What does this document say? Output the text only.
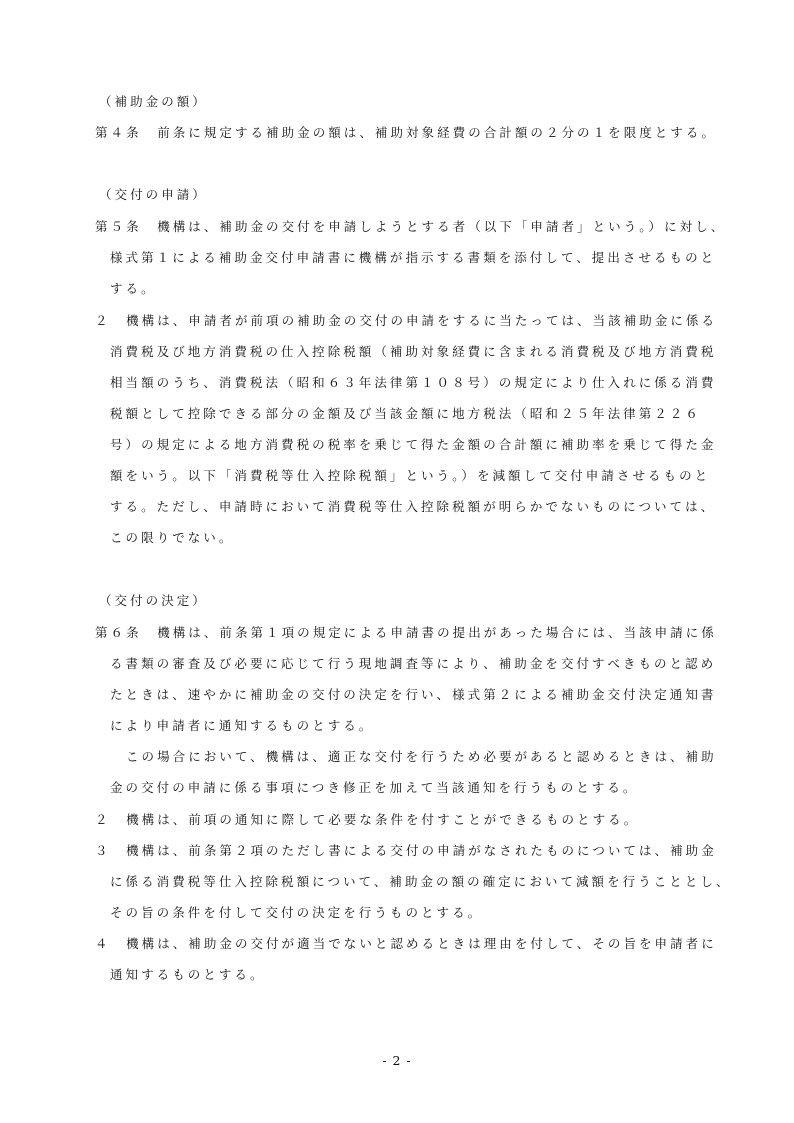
（補助金の額）
第４条　前条に規定する補助金の額は、補助対象経費の合計額の２分の１を限度とする。
（交付の申請）
第５条　機構は、補助金の交付を申請しようとする者（以下「申請者」という。）に対し、
様式第１による補助金交付申請書に機構が指示する書類を添付して、提出させるものと
する。
２　機構は、申請者が前項の補助金の交付の申請をするに当たっては、当該補助金に係る
消費税及び地方消費税の仕入控除税額（補助対象経費に含まれる消費税及び地方消費税
相当額のうち、消費税法（昭和６３年法律第１０８号）の規定により仕入れに係る消費
税額として控除できる部分の金額及び当該金額に地方税法（昭和２５年法律第２２６
号）の規定による地方消費税の税率を乗じて得た金額の合計額に補助率を乗じて得た金
額をいう。以下「消費税等仕入控除税額」という。）を減額して交付申請させるものと
する。ただし、申請時において消費税等仕入控除税額が明らかでないものについては、
この限りでない。
（交付の決定）
第６条　機構は、前条第１項の規定による申請書の提出があった場合には、当該申請に係
る書類の審査及び必要に応じて行う現地調査等により、補助金を交付すべきものと認め
たときは、速やかに補助金の交付の決定を行い、様式第２による補助金交付決定通知書
により申請者に通知するものとする。
この場合において、機構は、適正な交付を行うため必要があると認めるときは、補助
金の交付の申請に係る事項につき修正を加えて当該通知を行うものとする。
２　機構は、前項の通知に際して必要な条件を付すことができるものとする。
３　機構は、前条第２項のただし書による交付の申請がなされたものについては、補助金
に係る消費税等仕入控除税額について、補助金の額の確定において減額を行うこととし、
その旨の条件を付して交付の決定を行うものとする。
４　機構は、補助金の交付が適当でないと認めるときは理由を付して、その旨を申請者に
通知するものとする。
- 2 -
